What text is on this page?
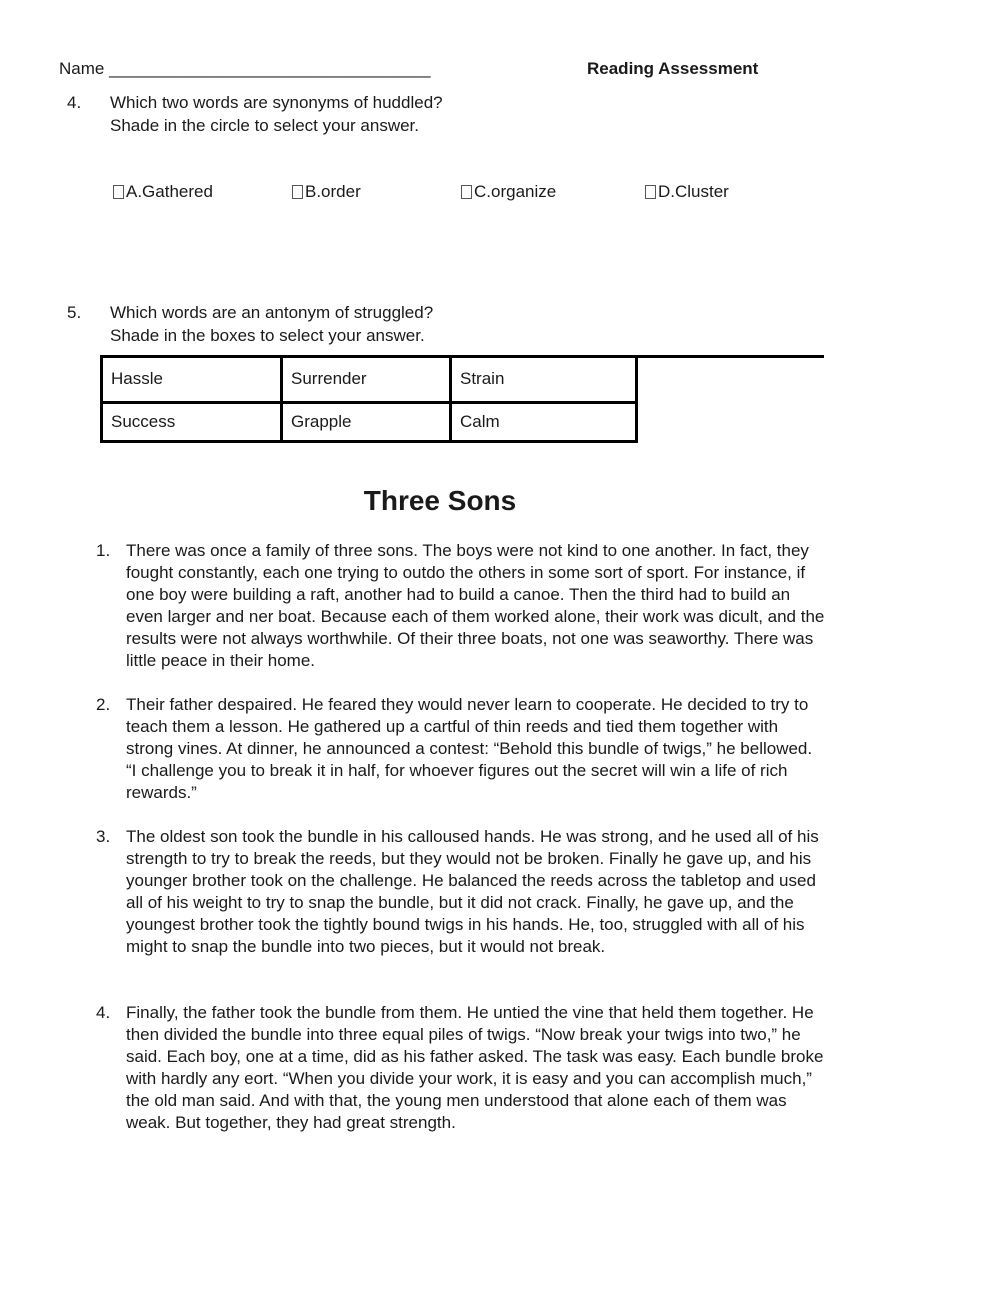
Name __________________________________	Reading Assessment
4.	Which two words are synonyms of huddled?
Shade in the circle to select your answer.
A.Gathered	B.order	C.organize	D.Cluster
5.	Which words are an antonym of struggled?
Shade in the boxes to select your answer.
Hassle	Surrender	Strain
Success	Grapple	Calm
Three Sons
1. There was once a family of three sons. The boys were not kind to one another. In fact, they fought constantly, each one trying to outdo the others in some sort of sport. For instance, if one boy were building a raft, another had to build a canoe. Then the third had to build an even larger and ner boat. Because each of them worked alone, their work was dicult, and the results were not always worthwhile. Of their three boats, not one was seaworthy. There was little peace in their home.
2. Their father despaired. He feared they would never learn to cooperate. He decided to try to teach them a lesson. He gathered up a cartful of thin reeds and tied them together with strong vines. At dinner, he announced a contest: “Behold this bundle of twigs,” he bellowed. “I challenge you to break it in half, for whoever figures out the secret will win a life of rich rewards.”
3. The oldest son took the bundle in his calloused hands. He was strong, and he used all of his strength to try to break the reeds, but they would not be broken. Finally he gave up, and his younger brother took on the challenge. He balanced the reeds across the tabletop and used all of his weight to try to snap the bundle, but it did not crack. Finally, he gave up, and the youngest brother took the tightly bound twigs in his hands. He, too, struggled with all of his might to snap the bundle into two pieces, but it would not break.
4. Finally, the father took the bundle from them. He untied the vine that held them together. He then divided the bundle into three equal piles of twigs. “Now break your twigs into two,” he said. Each boy, one at a time, did as his father asked. The task was easy. Each bundle broke with hardly any eort. “When you divide your work, it is easy and you can accomplish much,” the old man said. And with that, the young men understood that alone each of them was weak. But together, they had great strength.
